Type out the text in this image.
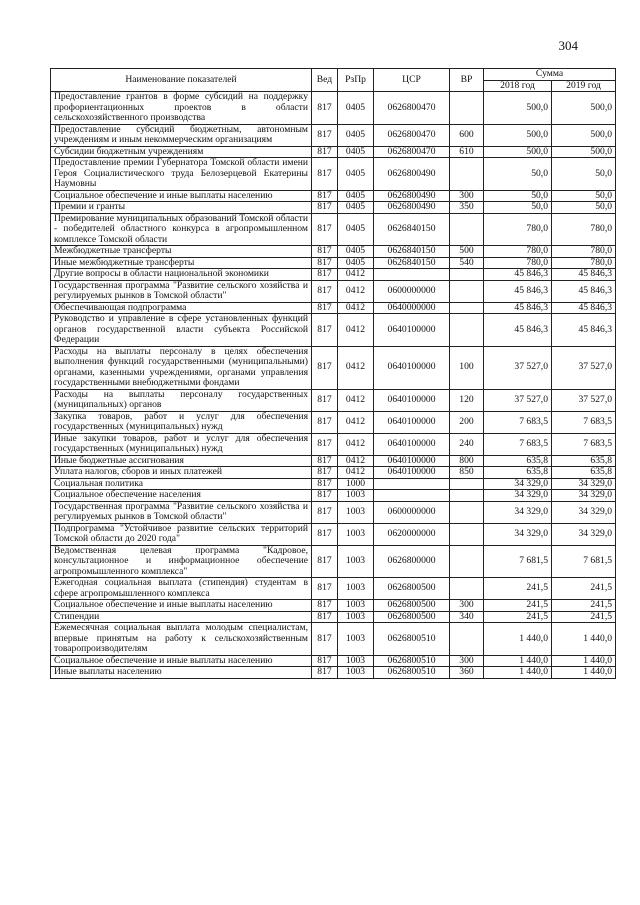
304
Наименование показателей	Вед	РзПр	ЦСР	ВР	Сумма	
					2018 год	2019 год
Предоставление грантов в форме субсидий на поддержку профориентационных проектов в области сельскохозяйственного производства	817	0405	0626800470		500,0	500,0
Предоставление субсидий бюджетным, автономным учреждениям и иным некоммерческим организациям	817	0405	0626800470	600	500,0	500,0
Субсидии бюджетным учреждениям	817	0405	0626800470	610	500,0	500,0
Предоставление премии Губернатора Томской области имени Героя Социалистического труда Белозерцевой Екатерины Наумовны	817	0405	0626800490		50,0	50,0
Социальное обеспечение и иные выплаты населению	817	0405	0626800490	300	50,0	50,0
Премии и гранты	817	0405	0626800490	350	50,0	50,0
Премирование муниципальных образований Томской области - победителей областного конкурса в агропромышленном комплексе Томской области	817	0405	0626840150		780,0	780,0
Межбюджетные трансферты	817	0405	0626840150	500	780,0	780,0
Иные межбюджетные трансферты	817	0405	0626840150	540	780,0	780,0
Другие вопросы в области национальной экономики	817	0412			45 846,3	45 846,3
Государственная программа "Развитие сельского хозяйства и регулируемых рынков в Томской области"	817	0412	0600000000		45 846,3	45 846,3
Обеспечивающая подпрограмма	817	0412	0640000000		45 846,3	45 846,3
Руководство и управление в сфере установленных функций органов государственной власти субъекта Российской Федерации	817	0412	0640100000		45 846,3	45 846,3
Расходы на выплаты персоналу в целях обеспечения выполнения функций государственными (муниципальными) органами, казенными учреждениями, органами управления государственными внебюджетными фондами	817	0412	0640100000	100	37 527,0	37 527,0
Расходы на выплаты персоналу государственных (муниципальных) органов	817	0412	0640100000	120	37 527,0	37 527,0
Закупка товаров, работ и услуг для обеспечения государственных (муниципальных) нужд	817	0412	0640100000	200	7 683,5	7 683,5
Иные закупки товаров, работ и услуг для обеспечения государственных (муниципальных) нужд	817	0412	0640100000	240	7 683,5	7 683,5
Иные бюджетные ассигнования	817	0412	0640100000	800	635,8	635,8
Уплата налогов, сборов и иных платежей	817	0412	0640100000	850	635,8	635,8
Социальная политика	817	1000			34 329,0	34 329,0
Социальное обеспечение населения	817	1003			34 329,0	34 329,0
Государственная программа "Развитие сельского хозяйства и регулируемых рынков в Томской области"	817	1003	0600000000		34 329,0	34 329,0
Подпрограмма "Устойчивое развитие сельских территорий Томской области до 2020 года"	817	1003	0620000000		34 329,0	34 329,0
Ведомственная целевая программа "Кадровое, консультационное и информационное обеспечение агропромышленного комплекса"	817	1003	0626800000		7 681,5	7 681,5
Ежегодная социальная выплата (стипендия) студентам в сфере агропромышленного комплекса	817	1003	0626800500		241,5	241,5
Социальное обеспечение и иные выплаты населению	817	1003	0626800500	300	241,5	241,5
Стипендии	817	1003	0626800500	340	241,5	241,5
Ежемесячная социальная выплата молодым специалистам, впервые принятым на работу к сельскохозяйственным товаропроизводителям	817	1003	0626800510		1 440,0	1 440,0
Социальное обеспечение и иные выплаты населению	817	1003	0626800510	300	1 440,0	1 440,0
Иные выплаты населению	817	1003	0626800510	360	1 440,0	1 440,0
